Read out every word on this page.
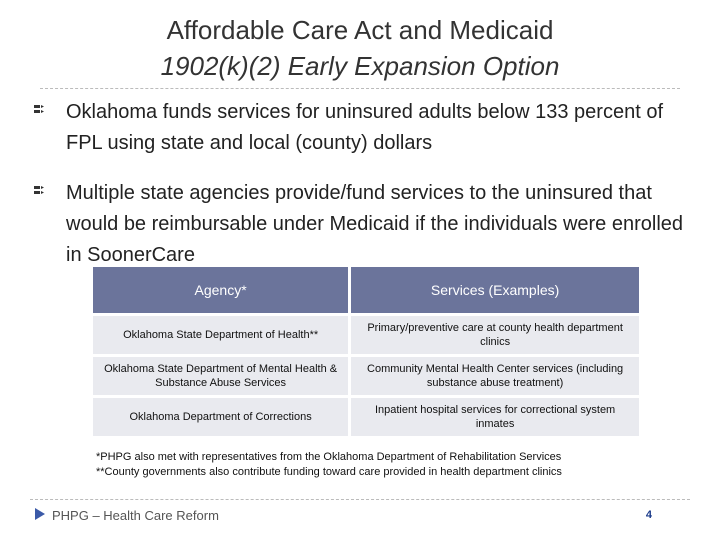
Affordable Care Act and Medicaid
1902(k)(2) Early Expansion Option
Oklahoma funds services for uninsured adults below 133 percent of FPL using state and local (county) dollars
Multiple state agencies provide/fund services to the uninsured that would be reimbursable under Medicaid if the individuals were enrolled in SoonerCare
Agency*	Services (Examples)
Oklahoma State Department of Health**	Primary/preventive care at county health department clinics
Oklahoma State Department of Mental Health & Substance Abuse Services	Community Mental Health Center services (including substance abuse treatment)
Oklahoma Department of Corrections	Inpatient hospital services for correctional system inmates
*PHPG also met with representatives from the Oklahoma Department of Rehabilitation Services
**County governments also contribute funding toward care provided in health department clinics
PHPG – Health Care Reform	4
